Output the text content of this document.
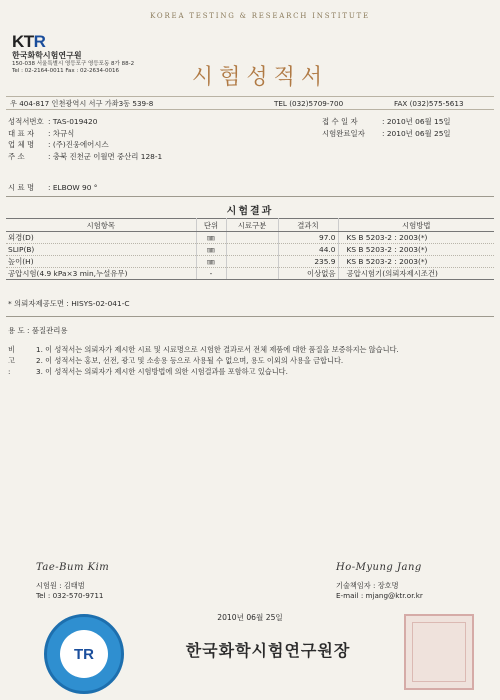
KOREA TESTING & RESEARCH INSTITUTE
KTR
한국화학시험연구원
150-038 서울특별시 영등포구 영등포동 8가 88-2
Tel : 02-2164-0011 Fax : 02-2634-0016	시험성적서
우 404-817 인천광역시 서구 가좌3동 539-8	TEL (032)5709-700	FAX (032)575-5613
성적서번호 : TAS-019420
대 표 자 : 차규식
업 체 명 : (주)진웅에어시스
주 소	: 충북 진천군 이월면 중산리 128-1
접 수 일 자	: 2010년 06월 15일
시험완료일자 : 2010년 06월 25일
시 료 명 : ELBOW 90 °
시험결과
시험항목	단위	시료구분	결과치	시험방법
외경(D)	㎜		97.0	KS B 5203-2 : 2003(*)
SLIP(B)	㎜		44.0	KS B 5203-2 : 2003(*)
높이(H)	㎜		235.9	KS B 5203-2 : 2003(*)
공압시험(4.9 kPa×3 min,누설유무)	-		이상없음	공압시험기(의뢰자제시조건)
* 의뢰자제공도면 : HISYS-02-041-C
용 도 : 품질관리용
비 고 :
1. 이 성적서는 의뢰자가 제시한 시료 및 시료명으로 시험한 결과로서 전체 제품에 대한 품질을 보증하지는 않습니다.
2. 이 성적서는 홍보, 선전, 광고 및 소송용 등으로 사용될 수 없으며, 용도 이외의 사용을 금합니다.
3. 이 성적서는 의뢰자가 제시한 시험방법에 의한 시험결과를 포함하고 있습니다.
Tae-Bum Kim
시험원 : 김태범
Tel : 032-570-9711
Ho-Myung Jang
기술책임자 : 장호명
E-mail : mjang@ktr.or.kr
2010년 06월 25일
TR	한국화학시험연구원장
